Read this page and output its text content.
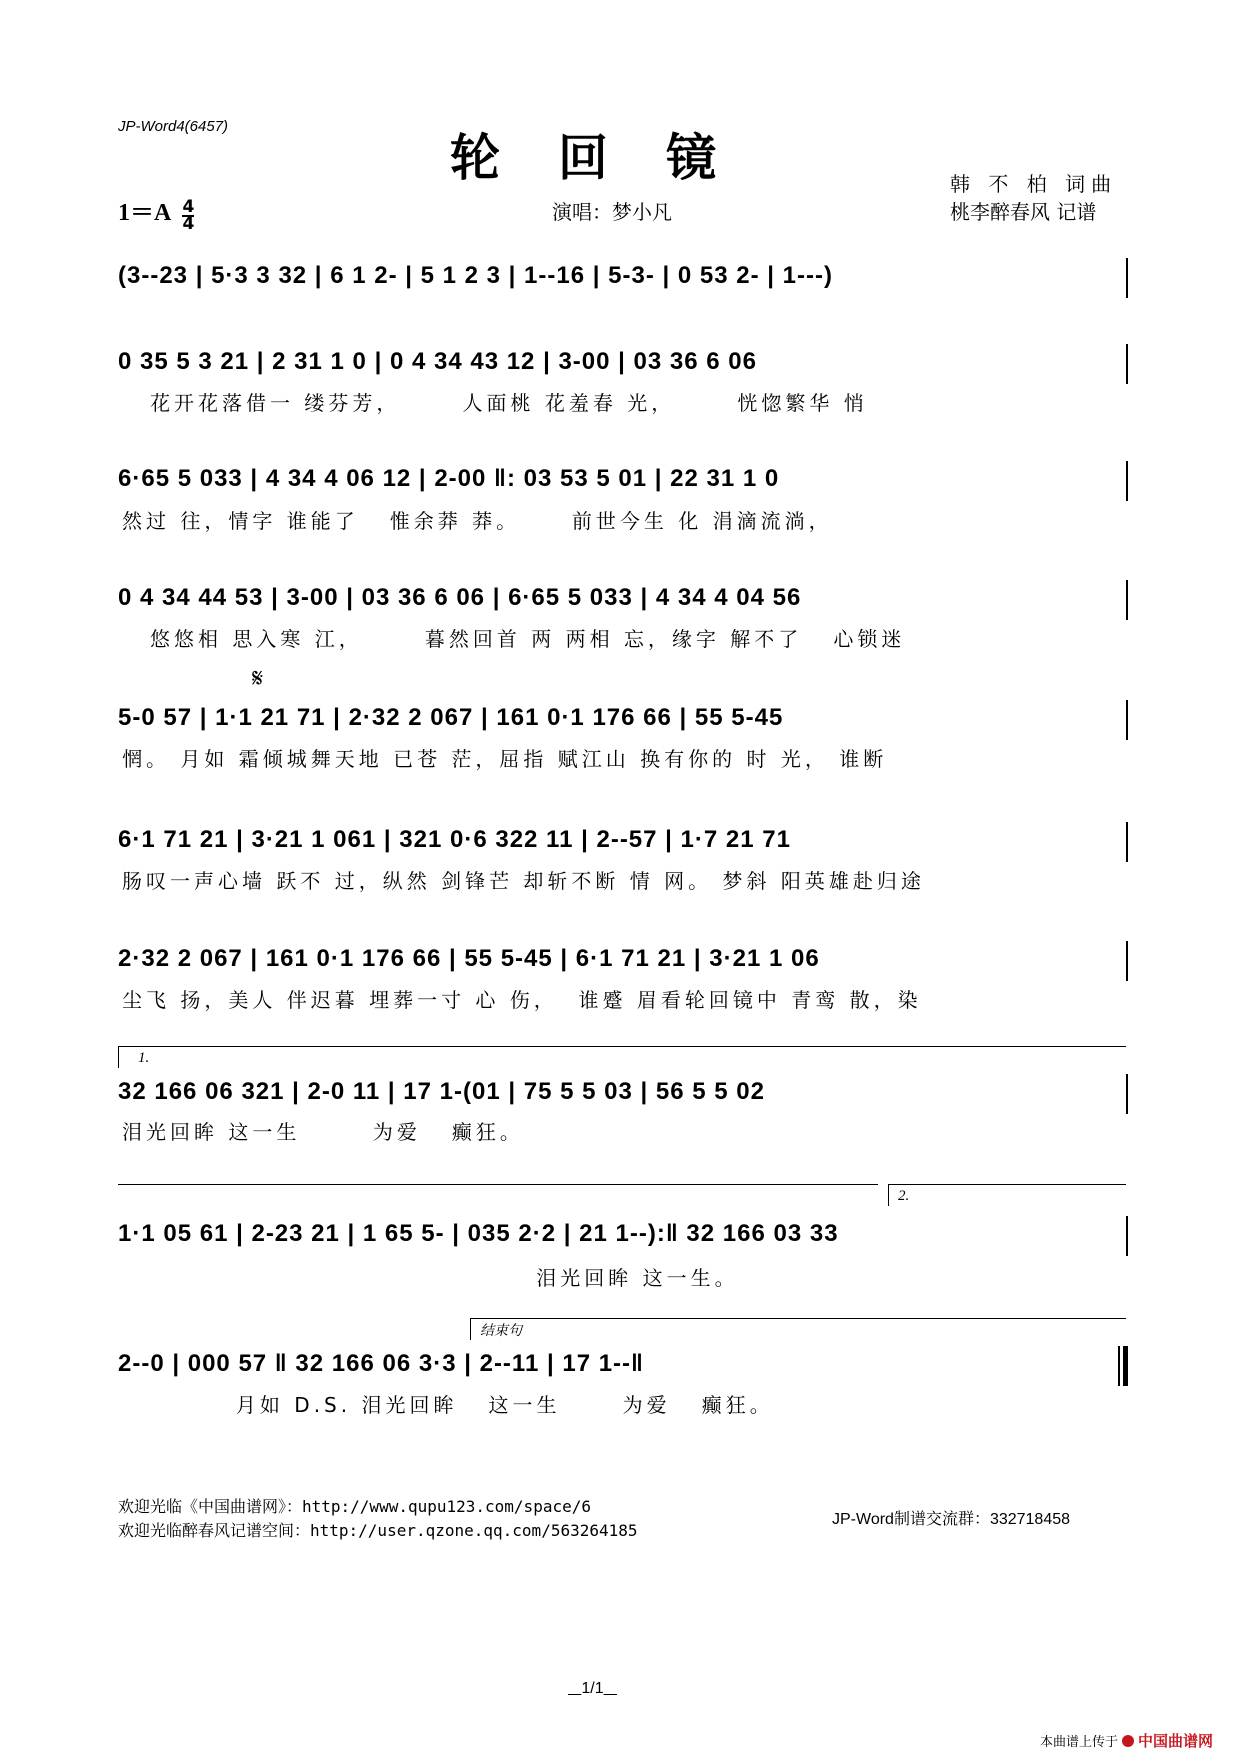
JP-Word4(6457)
轮回镜	韩 不 柏 词曲
桃李醉春风 记谱
演唱：梦小凡
$1=A \frac{4}{4}$
(3--23 | 5·3 3 32 | 6 1 2- | 5 1 2 3 | 1--16 | 5-3- | 0 53 2- | 1---)
0 35 5 3 21 | 2 31 1 0 | 0 4 34 43 12 | 3-00 | 03 36 6 06
花开花落借一 缕芬芳，      人面桃 花羞春 光，      恍惚繁华 悄
6·65 5 033 | 4 34 4 06 12 | 2-00 ‖: 03 53 5 01 | 22 31 1 0
然过 往，情字 谁能了   惟余莽 莽。     前世今生 化 涓滴流淌，
0 4 34 44 53 | 3-00 | 03 36 6 06 | 6·65 5 033 | 4 34 4 04 56
悠悠相 思入寒 江，      暮然回首 两 两相 忘，缘字 解不了   心锁迷
𝄋
5-0 57 | 1·1 21 71 | 2·32 2 067 | 161 0·1 176 66 | 55 5-45
惘。 月如 霜倾城舞天地 已苍 茫，屈指 赋江山 换有你的 时 光， 谁断
6·1 71 21 | 3·21 1 061 | 321 0·6 322 11 | 2--57 | 1·7 21 71
肠叹一声心墙 跃不 过，纵然 剑锋芒 却斩不断 情 网。 梦斜 阳英雄赴归途
2·32 2 067 | 161 0·1 176 66 | 55 5-45 | 6·1 71 21 | 3·21 1 06
尘飞 扬，美人 伴迟暮 埋葬一寸 心 伤，  谁蹙 眉看轮回镜中 青鸾 散，染
1.
32 166 06 321 | 2-0 11 | 17 1-(01 | 75 5 5 03 | 56 5 5 02
泪光回眸 这一生       为爱   癫狂。
2.
1·1 05 61 | 2-23 21 | 1 65 5- | 035 2·2 | 21 1--):‖ 32 166 03 33
泪光回眸 这一生。
结束句
2--0 | 000 57 ‖ 32 166 06 3·3 | 2--11 | 17 1--‖
月如 D.S. 泪光回眸   这一生      为爱   癫狂。
欢迎光临《中国曲谱网》：http://www.qupu123.com/space/6
欢迎光临醉春风记谱空间：http://user.qzone.qq.com/563264185
JP-Word制谱交流群：332718458
1/1
本曲谱上传于 中国曲谱网
